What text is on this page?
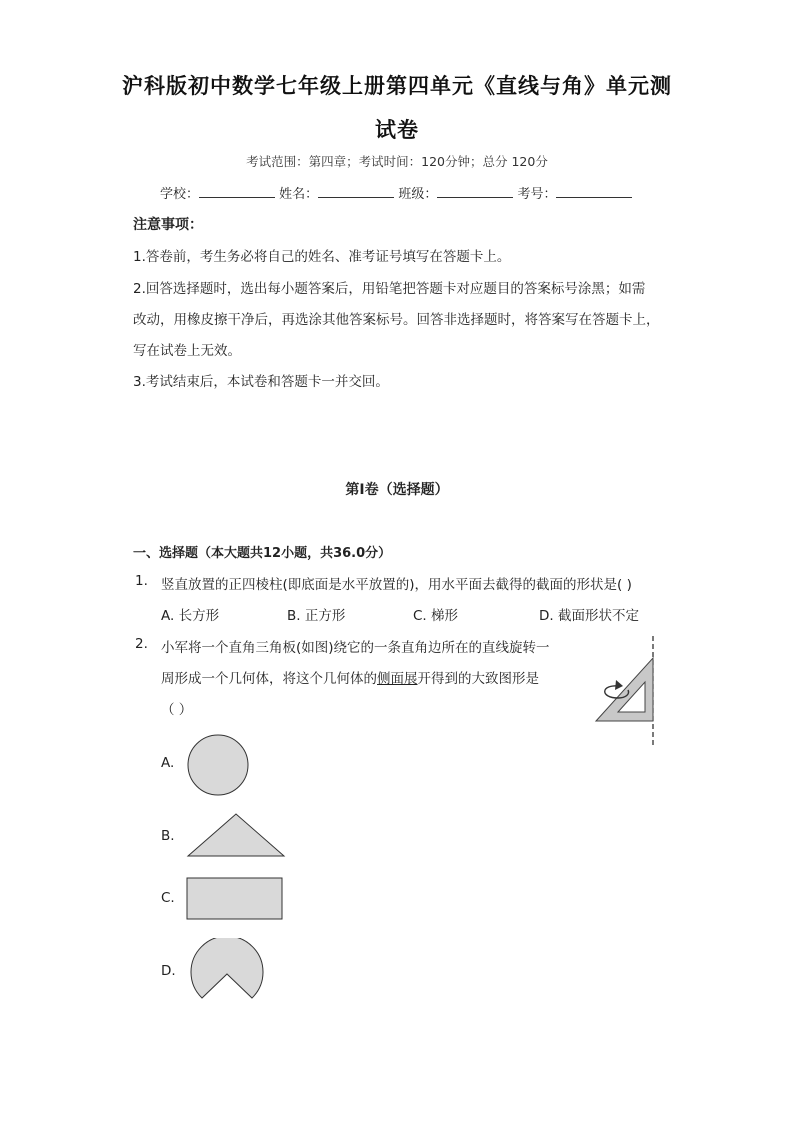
沪科版初中数学七年级上册第四单元《直线与角》单元测
试卷
考试范围：第四章；考试时间：120分钟；总分 120分
学校：	姓名：	班级：	考号：
注意事项：
1.答卷前，考生务必将自己的姓名、准考证号填写在答题卡上。
2.回答选择题时，选出每小题答案后，用铅笔把答题卡对应题目的答案标号涂黑；如需
改动，用橡皮擦干净后，再选涂其他答案标号。回答非选择题时，将答案写在答题卡上，
写在试卷上无效。
3.考试结束后，本试卷和答题卡一并交回。
第Ⅰ卷（选择题）
一、选择题（本大题共12小题，共36.0分）
1. 竖直放置的正四棱柱(即底面是水平放置的)，用水平面去截得的截面的形状是( )
A. 长方形	B. 正方形	C. 梯形	D. 截面形状不定
2. 小军将一个直角三角板(如图)绕它的一条直角边所在的直线旋转一
周形成一个几何体，将这个几何体的侧面展开得到的大致图形是
（ ）
A.
B.
C.
D.
